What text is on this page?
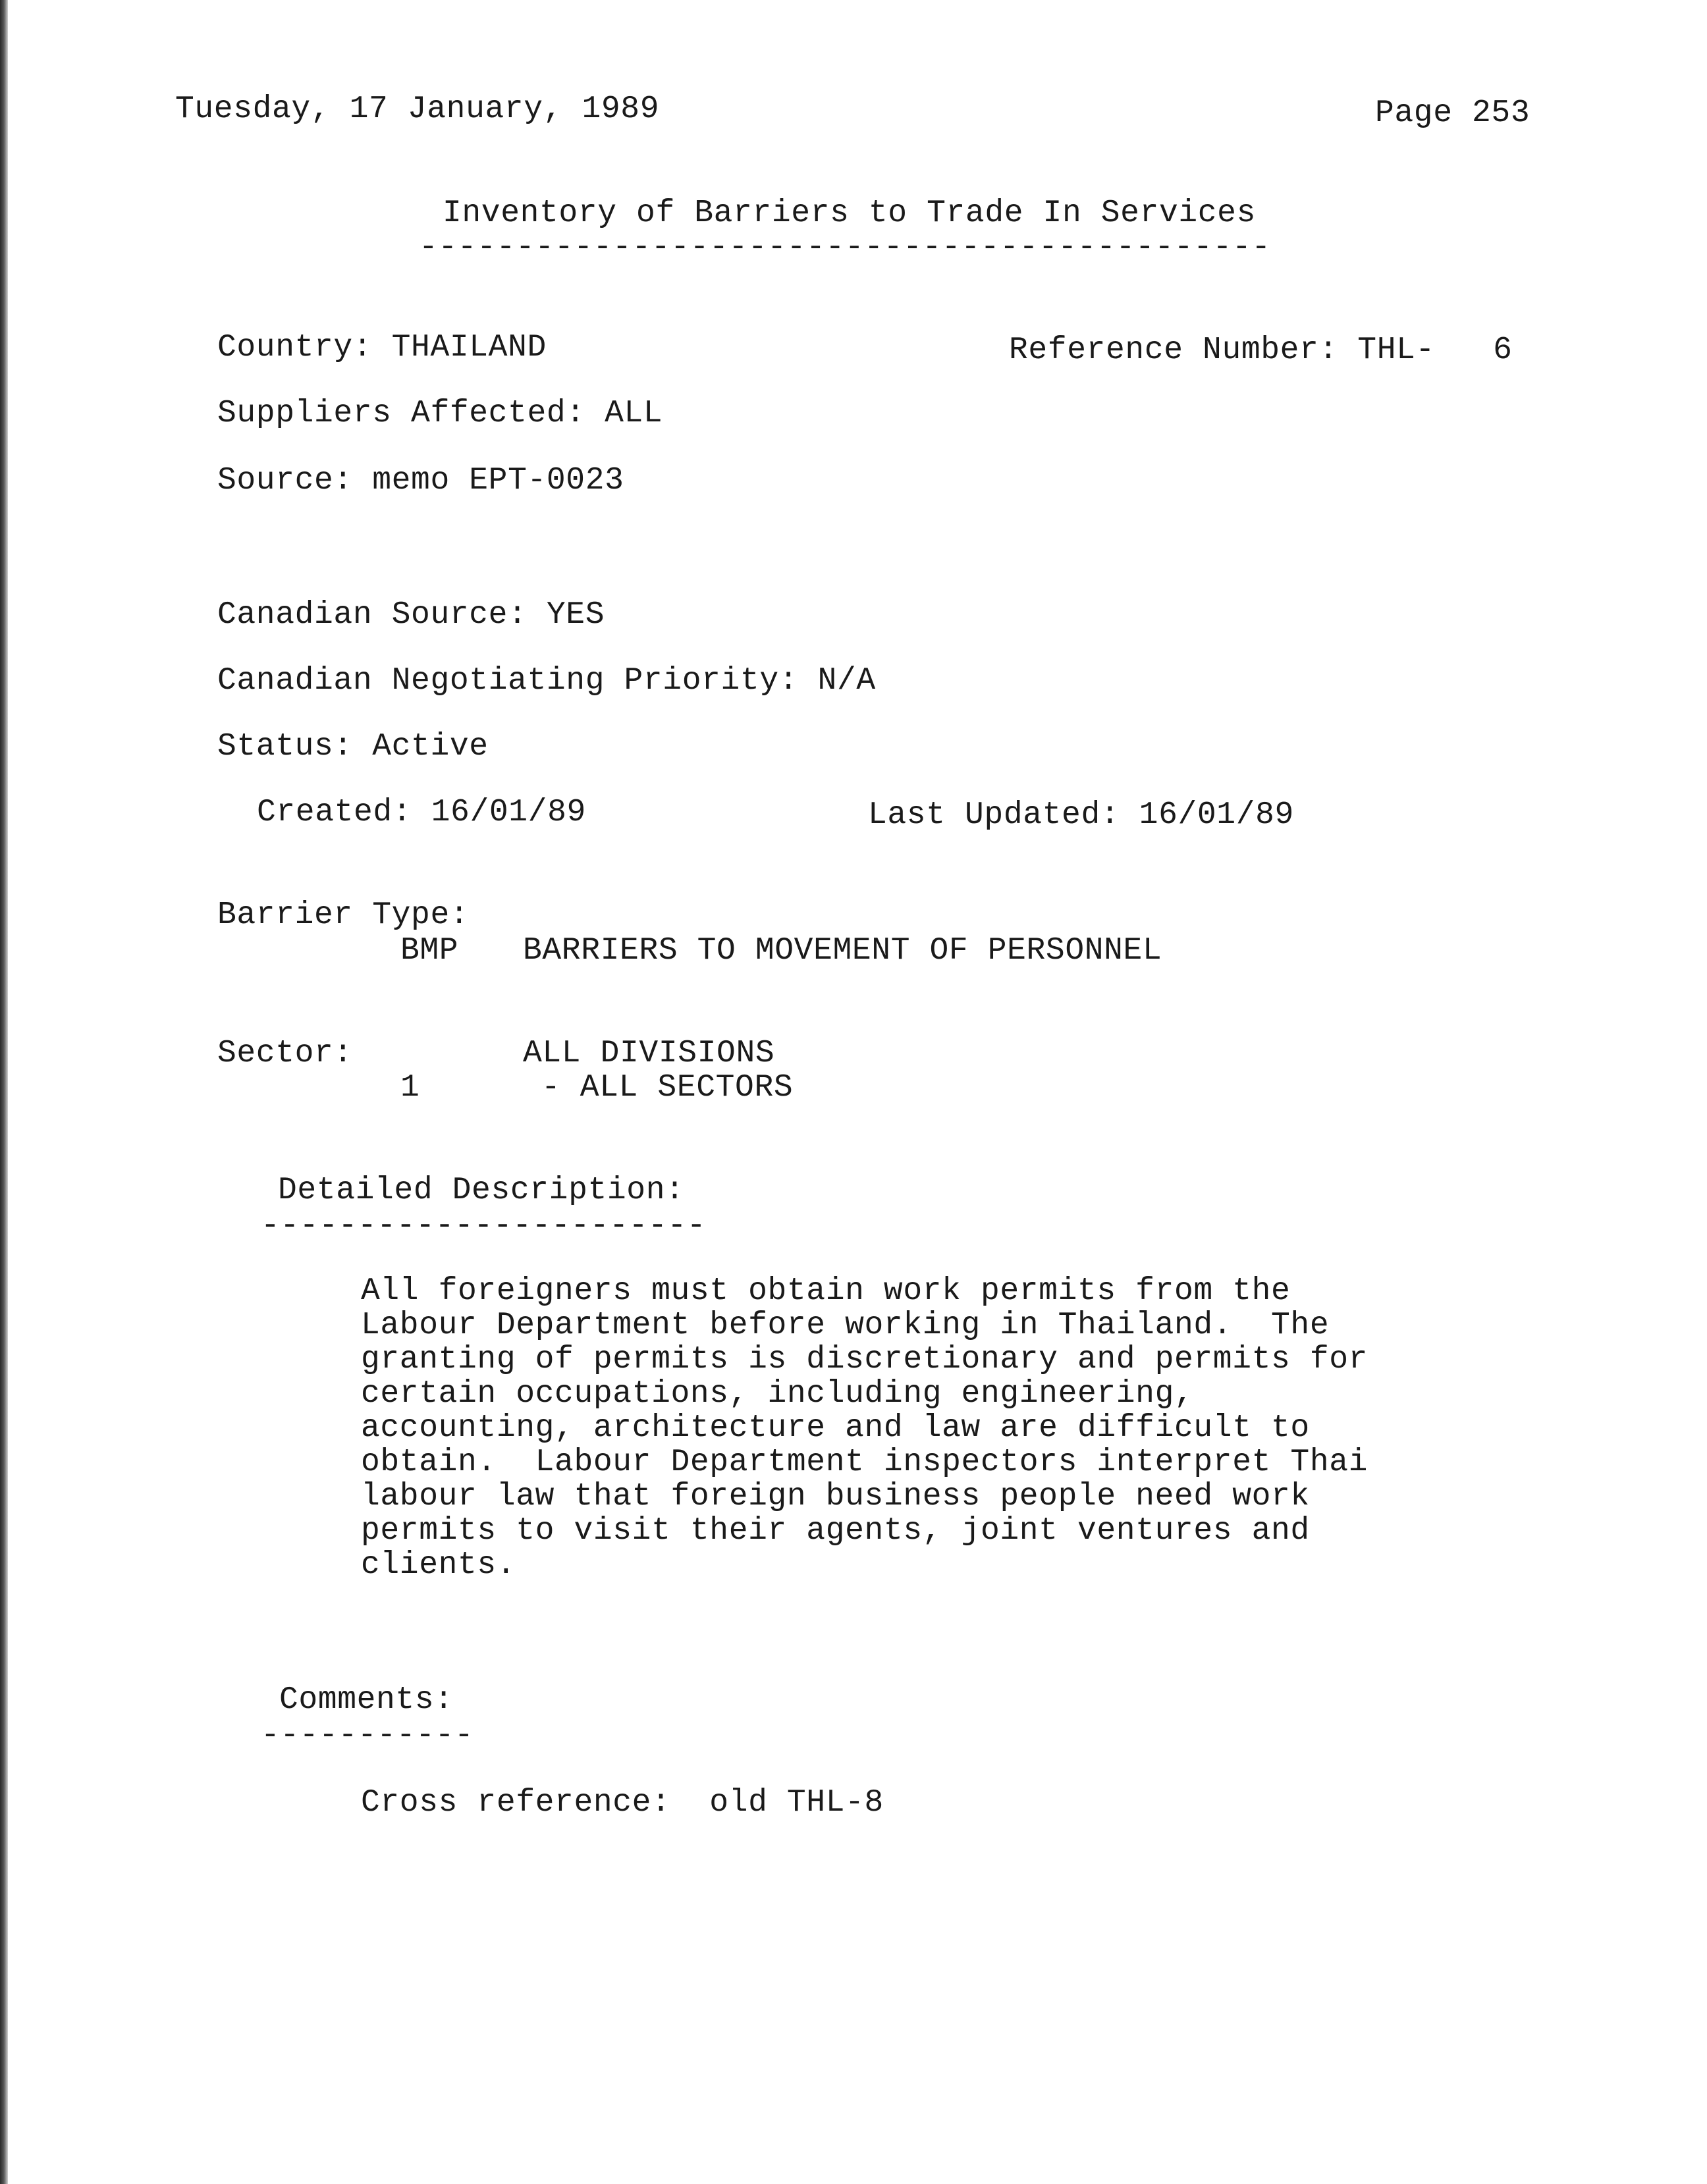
Tuesday, 17 January, 1989	Page 253
Inventory of Barriers to Trade In Services
--------------------------------------------
Country: THAILAND	Reference Number: THL-   6
Suppliers Affected: ALL
Source: memo EPT-0023
Canadian Source: YES
Canadian Negotiating Priority: N/A
Status: Active
Created: 16/01/89	Last Updated: 16/01/89
Barrier Type:
BMP BARRIERS TO MOVEMENT OF PERSONNEL
Sector:	ALL DIVISIONS
1	- ALL SECTORS
Detailed Description:
-----------------------
All foreigners must obtain work permits from the
Labour Department before working in Thailand.  The
granting of permits is discretionary and permits for
certain occupations, including engineering,
accounting, architecture and law are difficult to
obtain.  Labour Department inspectors interpret Thai
labour law that foreign business people need work
permits to visit their agents, joint ventures and
clients.
Comments:
-----------
Cross reference:  old THL-8
